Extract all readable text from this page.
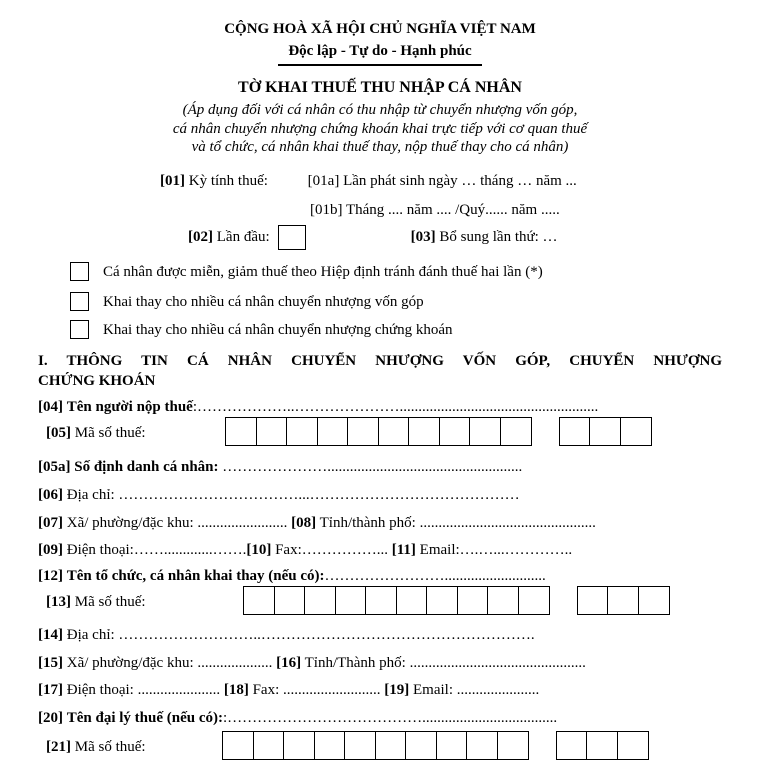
CỘNG HOÀ XÃ HỘI CHỦ NGHĨA VIỆT NAM
Độc lập - Tự do - Hạnh phúc
TỜ KHAI THUẾ THU NHẬP CÁ NHÂN
(Áp dụng đối với cá nhân có thu nhập từ chuyển nhượng vốn góp,
cá nhân chuyển nhượng chứng khoán khai trực tiếp với cơ quan thuế
và tổ chức, cá nhân khai thuế thay, nộp thuế thay cho cá nhân)
[01] Kỳ tính thuế:	[01a] Lần phát sinh ngày … tháng … năm ...
[01b] Tháng .... năm .... /Quý...... năm .....
[02] Lần đầu:	[03] Bổ sung lần thứ: …
Cá nhân được miễn, giảm thuế theo Hiệp định tránh đánh thuế hai lần (*)
Khai thay cho nhiều cá nhân chuyển nhượng vốn góp
Khai thay cho nhiều cá nhân chuyển nhượng chứng khoán
I. THÔNG TIN CÁ NHÂN CHUYỂN NHƯỢNG VỐN GÓP, CHUYỂN NHƯỢNG
CHỨNG KHOÁN
[04] Tên người nộp thuế:………………..………………….....................................................
[05] Mã số thuế:
[05a] Số định danh cá nhân: …………………....................................................
[06] Địa chỉ: ………………………………...……………………………………
[07] Xã/ phường/đặc khu: ........................ [08] Tỉnh/thành phố: ...............................................
[09] Điện thoại:…….............…….[10] Fax:……………... [11] Email:….…...…………..
[12] Tên tổ chức, cá nhân khai thay (nếu có):……………………...........................
[13] Mã số thuế:
[14] Địa chỉ: ………………………..……………………………………………….
[15] Xã/ phường/đặc khu: .................... [16] Tỉnh/Thành phố: ...............................................
[17] Điện thoại: ...................... [18] Fax: .......................... [19] Email: ......................
[20] Tên đại lý thuế (nếu có)::…………………………………....................................
[21] Mã số thuế:
